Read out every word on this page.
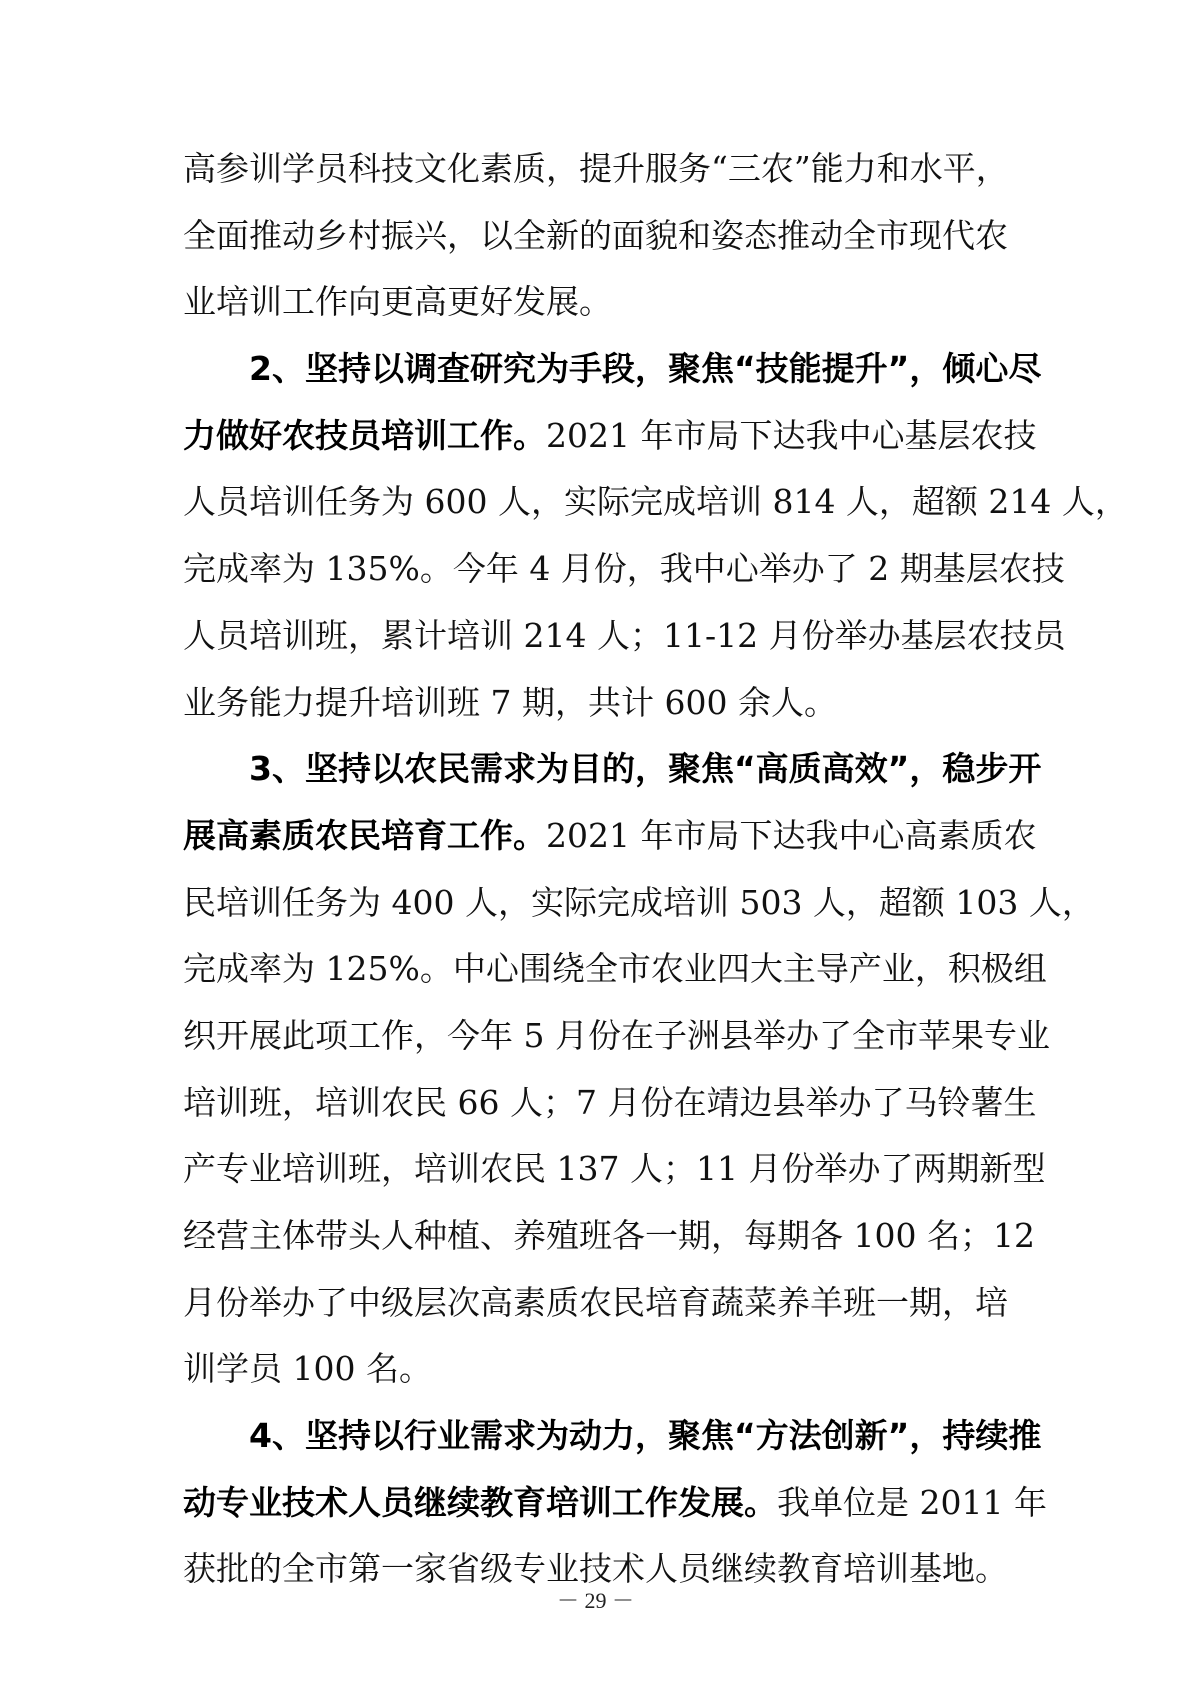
高参训学员科技文化素质，提升服务“三农”能力和水平，
全面推动乡村振兴，以全新的面貌和姿态推动全市现代农
业培训工作向更高更好发展。
2、坚持以调查研究为手段，聚焦“技能提升”，倾心尽
力做好农技员培训工作。2021 年市局下达我中心基层农技
人员培训任务为 600 人，实际完成培训 814 人，超额 214 人，
完成率为 135%。今年 4 月份，我中心举办了 2 期基层农技
人员培训班，累计培训 214 人；11-12 月份举办基层农技员
业务能力提升培训班 7 期，共计 600 余人。
3、坚持以农民需求为目的，聚焦“高质高效”，稳步开
展高素质农民培育工作。2021 年市局下达我中心高素质农
民培训任务为 400 人，实际完成培训 503 人，超额 103 人，
完成率为 125%。中心围绕全市农业四大主导产业，积极组
织开展此项工作，今年 5 月份在子洲县举办了全市苹果专业
培训班，培训农民 66 人；7 月份在靖边县举办了马铃薯生
产专业培训班，培训农民 137 人；11 月份举办了两期新型
经营主体带头人种植、养殖班各一期，每期各 100 名；12
月份举办了中级层次高素质农民培育蔬菜养羊班一期，培
训学员 100 名。
4、坚持以行业需求为动力，聚焦“方法创新”，持续推
动专业技术人员继续教育培训工作发展。我单位是 2011 年
获批的全市第一家省级专业技术人员继续教育培训基地。
－ 29 －
